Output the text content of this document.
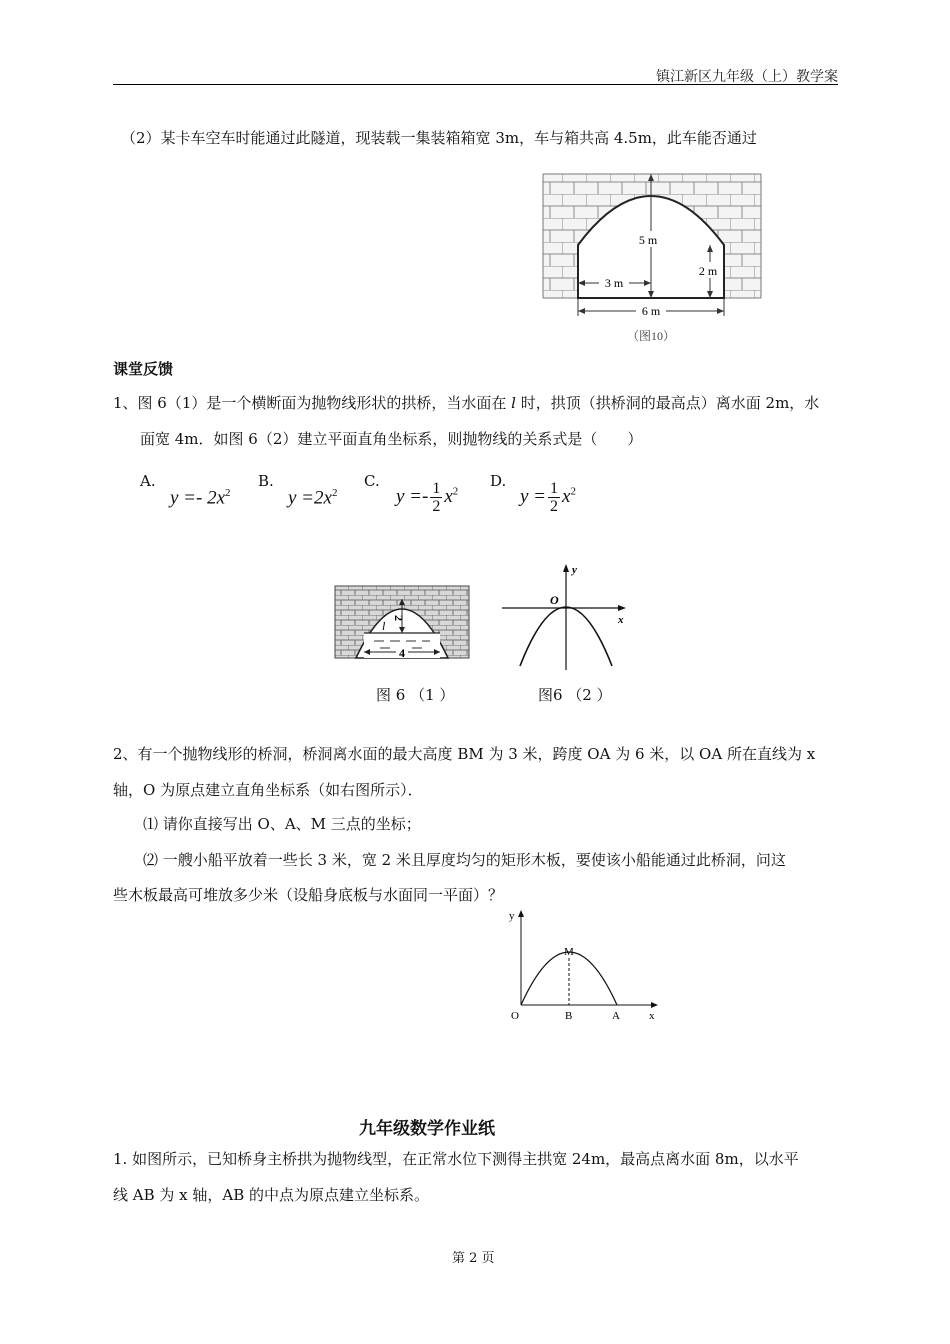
镇江新区九年级（上）教学案
（2）某卡车空车时能通过此隧道，现装载一集装箱箱宽 3m，车与箱共高 4.5m，此车能否通过
5 m
2 m
3 m
6 m
（图10）
课堂反馈
1、图 6（1）是一个横断面为抛物线形状的拱桥，当水面在 l 时，拱顶（拱桥洞的最高点）离水面 2m，水
面宽 4m．如图 6（2）建立平面直角坐标系，则抛物线的关系式是（　　）
A.
$y =- 2x^2$
B.
$y =2x^2$
C.
$y =- \frac{1}{2} x^2$
D.
$y = \frac{1}{2} x^2$
2
l
4
图 6 （1 ）
y
O
x
图6 （2 ）
2、有一个抛物线形的桥洞，桥洞离水面的最大高度 BM 为 3 米，跨度 OA 为 6 米，以 OA 所在直线为 x
轴，O 为原点建立直角坐标系（如右图所示）．
⑴ 请你直接写出 O、A、M 三点的坐标；
⑵ 一艘小船平放着一些长 3 米，宽 2 米且厚度均匀的矩形木板，要使该小船能通过此桥洞，问这
些木板最高可堆放多少米（设船身底板与水面同一平面）？
y
M
O	B	A	x
九年级数学作业纸
1. 如图所示，已知桥身主桥拱为抛物线型，在正常水位下测得主拱宽 24m，最高点离水面 8m，以水平
线 AB 为 x 轴，AB 的中点为原点建立坐标系。
第 2 页
